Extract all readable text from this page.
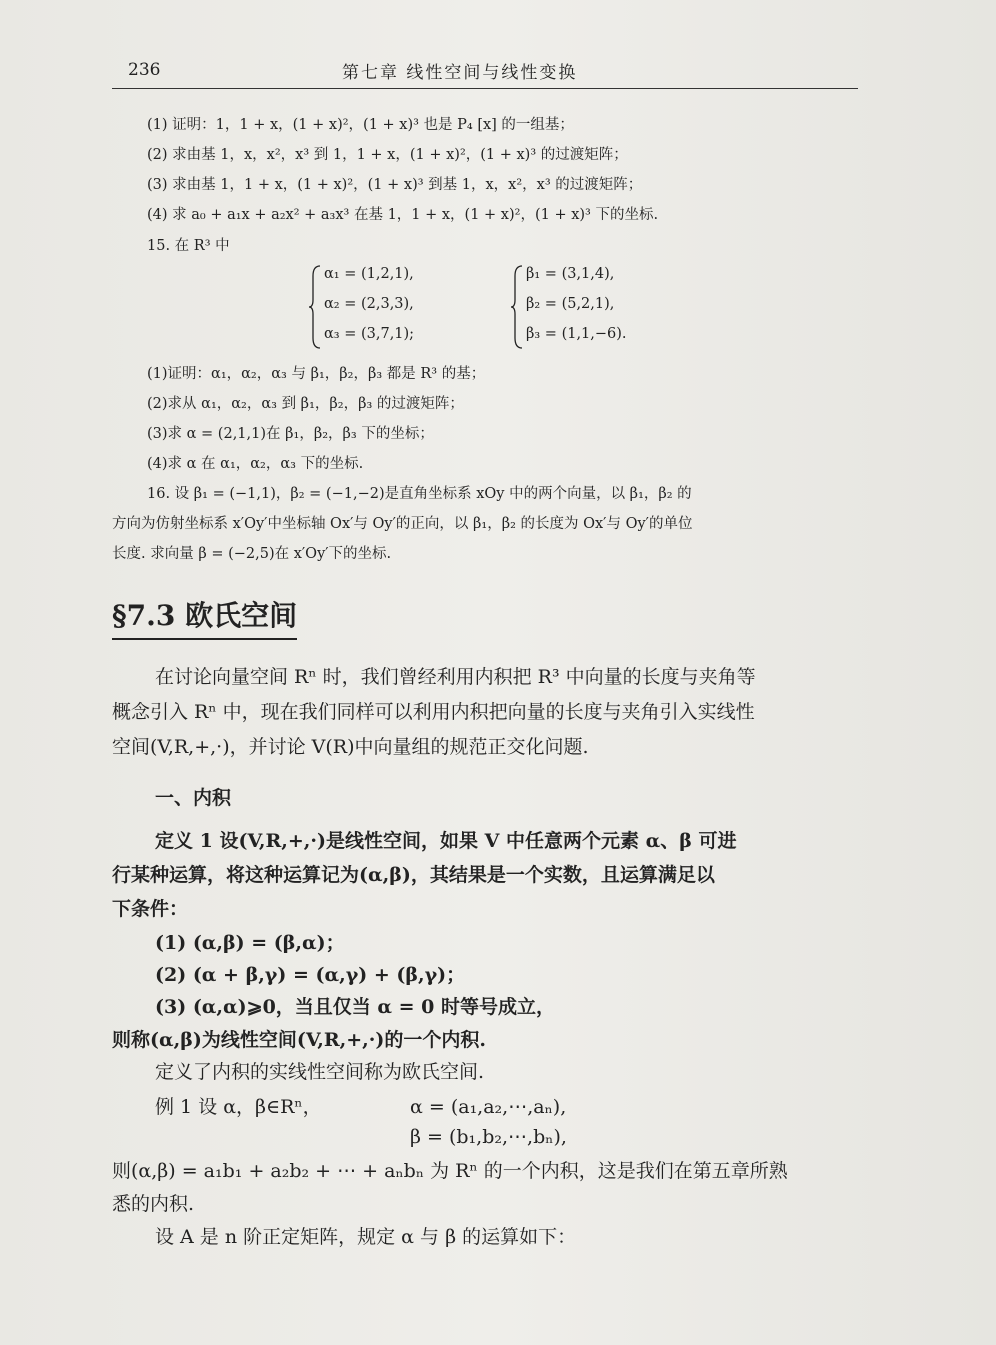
236	第七章 线性空间与线性变换
(1) 证明：1，1 + x，(1 + x)²，(1 + x)³ 也是 P₄ [x] 的一组基；
(2) 求由基 1，x，x²，x³ 到 1，1 + x，(1 + x)²，(1 + x)³ 的过渡矩阵；
(3) 求由基 1，1 + x，(1 + x)²，(1 + x)³ 到基 1，x，x²，x³ 的过渡矩阵；
(4) 求 a₀ + a₁x + a₂x² + a₃x³ 在基 1，1 + x，(1 + x)²，(1 + x)³ 下的坐标.
15. 在 R³ 中
α₁ = (1,2,1),
α₂ = (2,3,3),
α₃ = (3,7,1);
β₁ = (3,1,4),
β₂ = (5,2,1),
β₃ = (1,1,−6).
(1)证明：α₁，α₂，α₃ 与 β₁，β₂，β₃ 都是 R³ 的基；
(2)求从 α₁，α₂，α₃ 到 β₁，β₂，β₃ 的过渡矩阵；
(3)求 α = (2,1,1)在 β₁，β₂，β₃ 下的坐标；
(4)求 α 在 α₁，α₂，α₃ 下的坐标.
16. 设 β₁ = (−1,1)，β₂ = (−1,−2)是直角坐标系 xOy 中的两个向量，以 β₁，β₂ 的
方向为仿射坐标系 x′Oy′中坐标轴 Ox′与 Oy′的正向，以 β₁，β₂ 的长度为 Ox′与 Oy′的单位
长度. 求向量 β = (−2,5)在 x′Oy′下的坐标.
§7.3 欧氏空间
在讨论向量空间 Rⁿ 时，我们曾经利用内积把 R³ 中向量的长度与夹角等
概念引入 Rⁿ 中，现在我们同样可以利用内积把向量的长度与夹角引入实线性
空间(V,R,+,·)，并讨论 V(R)中向量组的规范正交化问题.
一、内积
定义 1 设(V,R,+,·)是线性空间，如果 V 中任意两个元素 α、β 可进
行某种运算，将这种运算记为(α,β)，其结果是一个实数，且运算满足以
下条件：
(1) (α,β) = (β,α)；
(2) (α + β,γ) = (α,γ) + (β,γ)；
(3) (α,α)⩾0，当且仅当 α = 0 时等号成立，
则称(α,β)为线性空间(V,R,+,·)的一个内积.
定义了内积的实线性空间称为欧氏空间.
例 1 设 α，β∈Rⁿ，	α = (a₁,a₂,⋯,aₙ),
β = (b₁,b₂,⋯,bₙ),
则(α,β) = a₁b₁ + a₂b₂ + ⋯ + aₙbₙ 为 Rⁿ 的一个内积，这是我们在第五章所熟
悉的内积.
设 A 是 n 阶正定矩阵，规定 α 与 β 的运算如下：
